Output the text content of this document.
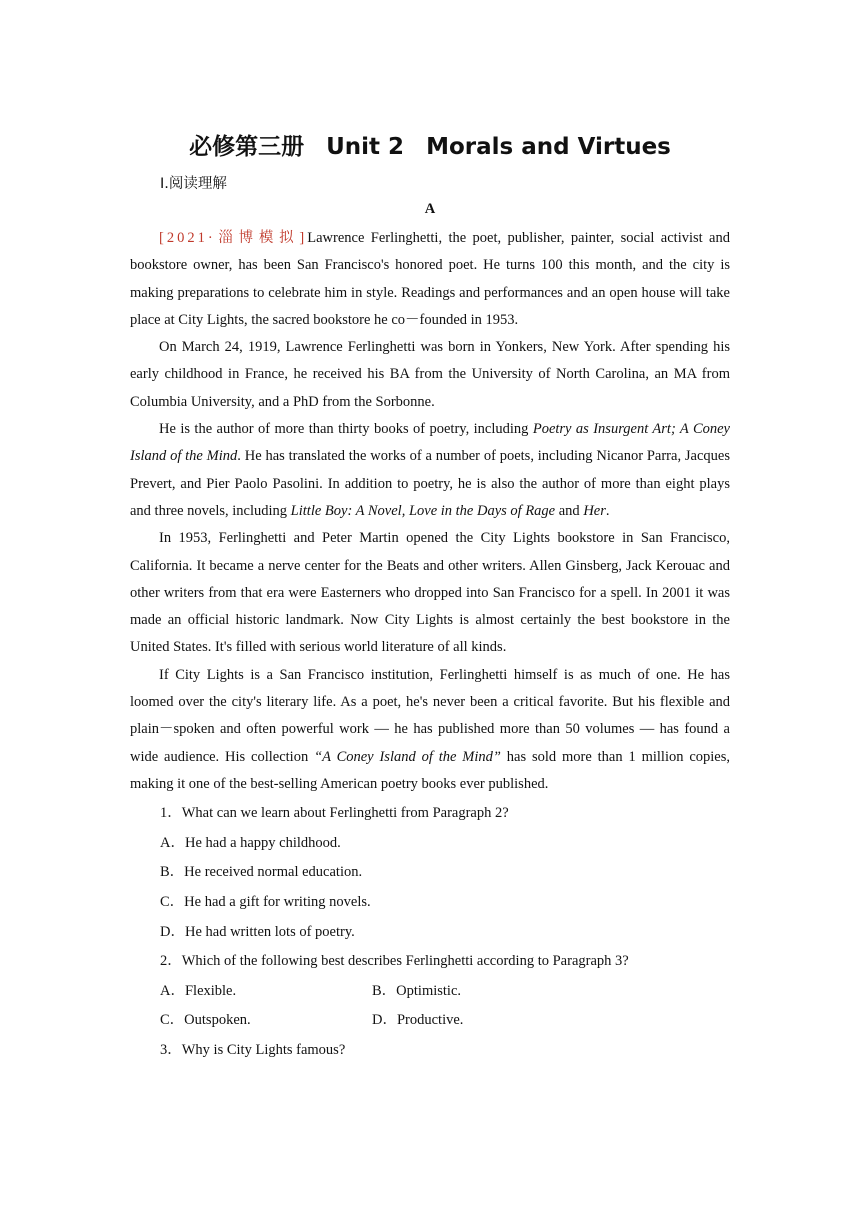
必修第三册 Unit 2 Morals and Virtues
Ⅰ.阅读理解
A

[2021·淄博模拟]Lawrence Ferlinghetti, the poet, publisher, painter, social activist and bookstore owner, has been San Francisco's honored poet. He turns 100 this month, and the city is making preparations to celebrate him in style. Readings and performances and an open house will take place at City Lights, the sacred bookstore he co－founded in 1953.

On March 24, 1919, Lawrence Ferlinghetti was born in Yonkers, New York. After spending his early childhood in France, he received his BA from the University of North Carolina, an MA from Columbia University, and a PhD from the Sorbonne.

He is the author of more than thirty books of poetry, including Poetry as Insurgent Art; A Coney Island of the Mind. He has translated the works of a number of poets, including Nicanor Parra, Jacques Prevert, and Pier Paolo Pasolini. In addition to poetry, he is also the author of more than eight plays and three novels, including Little Boy: A Novel, Love in the Days of Rage and Her.

In 1953, Ferlinghetti and Peter Martin opened the City Lights bookstore in San Francisco, California. It became a nerve center for the Beats and other writers. Allen Ginsberg, Jack Kerouac and other writers from that era were Easterners who dropped into San Francisco for a spell. In 2001 it was made an official historic landmark. Now City Lights is almost certainly the best bookstore in the United States. It's filled with serious world literature of all kinds.

If City Lights is a San Francisco institution, Ferlinghetti himself is as much of one. He has loomed over the city's literary life. As a poet, he's never been a critical favorite. But his flexible and plain－spoken and often powerful work — he has published more than 50 volumes — has found a wide audience. His collection “A Coney Island of the Mind” has sold more than 1 million copies, making it one of the best-selling American poetry books ever published.

1．What can we learn about Ferlinghetti from Paragraph 2?
A．He had a happy childhood.
B．He received normal education.
C．He had a gift for writing novels.
D．He had written lots of poetry.
2．Which of the following best describes Ferlinghetti according to Paragraph 3?
A．Flexible.	B．Optimistic.
C．Outspoken.	D．Productive.
3．Why is City Lights famous?
